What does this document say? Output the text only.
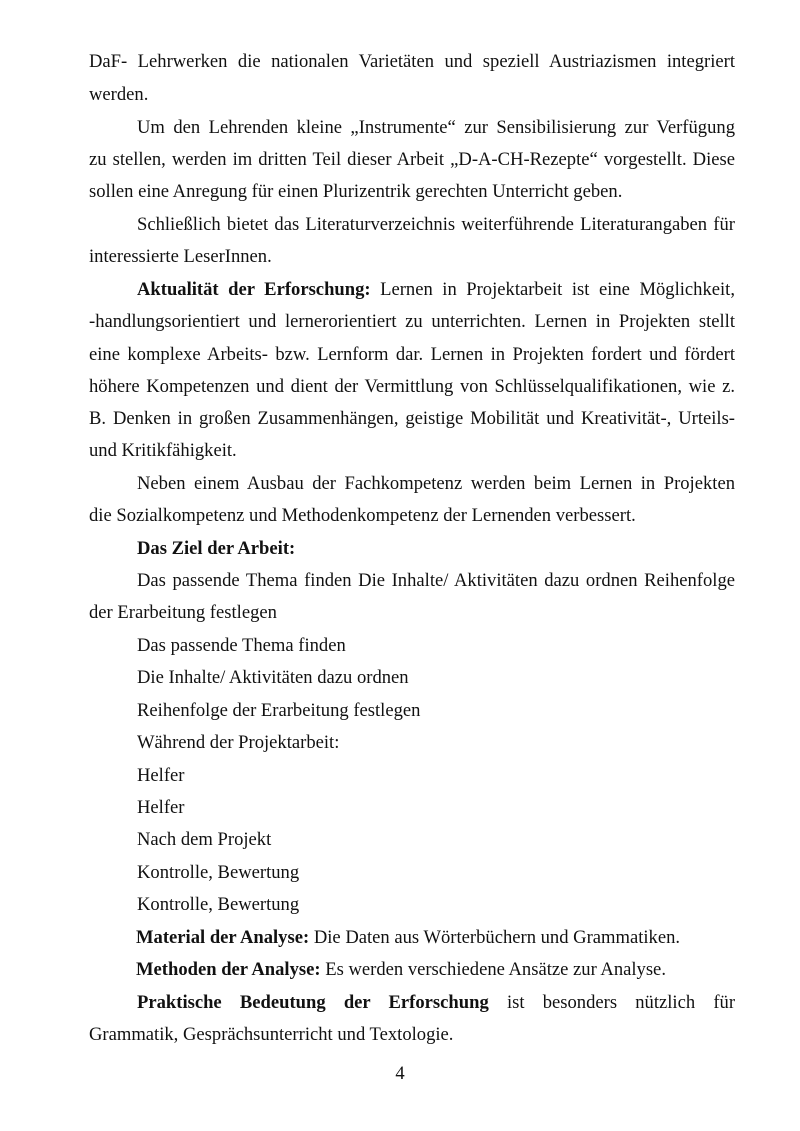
DaF- Lehrwerken die nationalen Varietäten und speziell Austriazismen integriert
werden.
Um den Lehrenden kleine „Instrumente“ zur Sensibilisierung zur Verfügung
zu stellen, werden im dritten Teil dieser Arbeit „D-A-CH-Rezepte“ vorgestellt. Diese
sollen eine Anregung für einen Plurizentrik gerechten Unterricht geben.
Schließlich bietet das Literaturverzeichnis weiterführende Literaturangaben für
interessierte LeserInnen.
Aktualität der Erforschung: Lernen in Projektarbeit ist eine Möglichkeit,
-handlungsorientiert und lernerorientiert zu unterrichten. Lernen in Projekten stellt
eine komplexe Arbeits- bzw. Lernform dar. Lernen in Projekten fordert und fördert
höhere Kompetenzen und dient der Vermittlung von Schlüsselqualifikationen, wie z.
B. Denken in großen Zusammenhängen, geistige Mobilität und Kreativität-, Urteils-
und Kritikfähigkeit.
Neben einem Ausbau der Fachkompetenz werden beim Lernen in Projekten
die Sozialkompetenz und Methodenkompetenz der Lernenden verbessert.
Das Ziel der Arbeit:
Das passende Thema finden Die Inhalte/ Aktivitäten dazu ordnen Reihenfolge
der Erarbeitung festlegen
Das passende Thema finden
Die Inhalte/ Aktivitäten dazu ordnen
Reihenfolge der Erarbeitung festlegen
Während der Projektarbeit:
Helfer
Helfer
Nach dem Projekt
Kontrolle, Bewertung
Kontrolle, Bewertung
Material der Analyse: Die Daten aus Wörterbüchern und Grammatiken.
Methoden der Analyse: Es werden verschiedene Ansätze zur Analyse.
Praktische Bedeutung der Erforschung ist besonders nützlich für
Grammatik, Gesprächsunterricht und Textologie.
4
